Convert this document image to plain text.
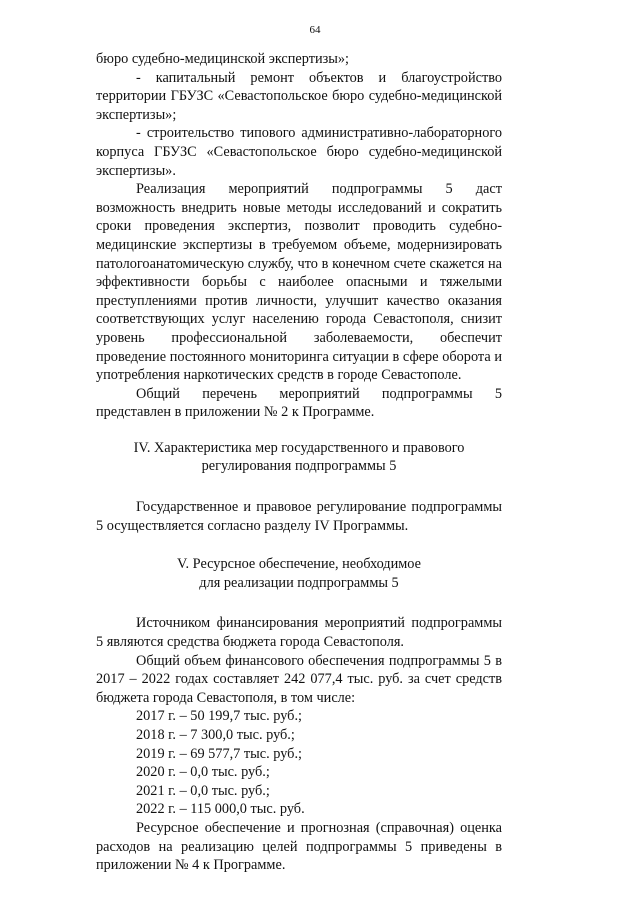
64

бюро судебно-медицинской экспертизы»;

- капитальный ремонт объектов и благоустройство территории ГБУЗС «Севастопольское бюро судебно-медицинской экспертизы»;

- строительство типового административно-лабораторного корпуса ГБУЗС «Севастопольское бюро судебно-медицинской экспертизы».

Реализация мероприятий подпрограммы 5 даст возможность внедрить новые методы исследований и сократить сроки проведения экспертиз, позволит проводить судебно-медицинские экспертизы в требуемом объеме, модернизировать патологоанатомическую службу, что в конечном счете скажется на эффективности борьбы с наиболее опасными и тяжелыми преступлениями против личности, улучшит качество оказания соответствующих услуг населению города Севастополя, снизит уровень профессиональной заболеваемости, обеспечит проведение постоянного мониторинга ситуации в сфере оборота и употребления наркотических средств в городе Севастополе.

Общий перечень мероприятий подпрограммы 5 представлен в приложении № 2 к Программе.

IV. Характеристика мер государственного и правового
регулирования подпрограммы 5

Государственное и правовое регулирование подпрограммы 5 осуществляется согласно разделу IV Программы.

V. Ресурсное обеспечение, необходимое
для реализации подпрограммы 5

Источником финансирования мероприятий подпрограммы 5 являются средства бюджета города Севастополя.

Общий объем финансового обеспечения подпрограммы 5 в 2017 – 2022 годах составляет 242 077,4 тыс. руб. за счет средств бюджета города Севастополя, в том числе:

2017 г. – 50 199,7 тыс. руб.;

2018 г. – 7 300,0 тыс. руб.;

2019 г. – 69 577,7 тыс. руб.;

2020 г. – 0,0 тыс. руб.;

2021 г. – 0,0 тыс. руб.;

2022 г. – 115 000,0 тыс. руб.

Ресурсное обеспечение и прогнозная (справочная) оценка расходов на реализацию целей подпрограммы 5 приведены в приложении № 4 к Программе.
